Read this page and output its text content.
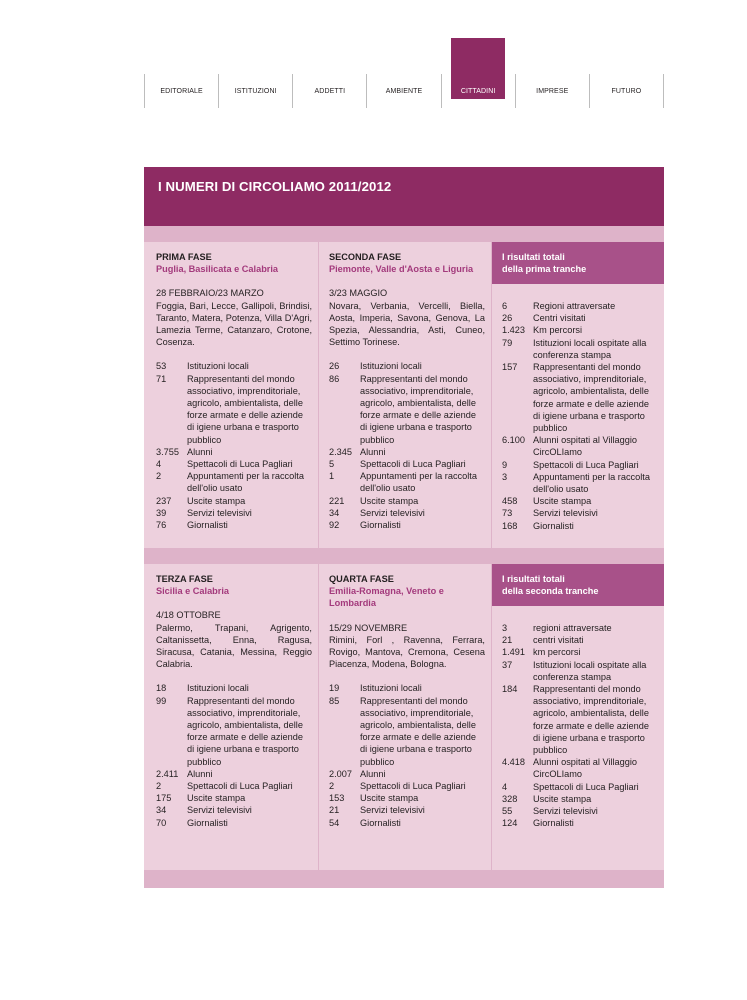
EDITORIALE	ISTITUZIONI	ADDETTI	AMBIENTE	CITTADINI	IMPRESE	FUTURO
I NUMERI DI CIRCOLIAMO 2011/2012
PRIMA FASE
Puglia, Basilicata e Calabria
28 FEBBRAIO/23 MARZO
Foggia, Bari, Lecce, Gallipoli, Brindisi, Taranto, Matera, Potenza, Villa D'Agri, Lamezia Terme, Catanzaro, Crotone, Cosenza.
53	Istituzioni locali
71	Rappresentanti del mondo associativo, imprenditoriale, agricolo, ambientalista, delle forze armate e delle aziende di igiene urbana e trasporto pubblico
3.755 Alunni
4	Spettacoli di Luca Pagliari
2	Appuntamenti per la raccolta dell'olio usato
237	Uscite stampa
39	Servizi televisivi
76	Giornalisti
SECONDA FASE
Piemonte, Valle d'Aosta e Liguria
3/23 MAGGIO
Novara, Verbania, Vercelli, Biella, Aosta, Imperia, Savona, Genova, La Spezia, Alessandria, Asti, Cuneo, Settimo Torinese.
26	Istituzioni locali
86	Rappresentanti del mondo associativo, imprenditoriale, agricolo, ambientalista, delle forze armate e delle aziende di igiene urbana e trasporto pubblico
2.345 Alunni
5	Spettacoli di Luca Pagliari
1	Appuntamenti per la raccolta dell'olio usato
221	Uscite stampa
34	Servizi televisivi
92	Giornalisti
TERZA FASE
Sicilia e Calabria
4/18 OTTOBRE
Palermo, Trapani, Agrigento, Caltanissetta, Enna, Ragusa, Siracusa, Catania, Messina, Reggio Calabria.
18	Istituzioni locali
99	Rappresentanti del mondo associativo, imprenditoriale, agricolo, ambientalista, delle forze armate e delle aziende di igiene urbana e trasporto pubblico
2.411 Alunni
2	Spettacoli di Luca Pagliari
175	Uscite stampa
34	Servizi televisivi
70	Giornalisti
QUARTA FASE
Emilia-Romagna, Veneto e Lombardia
15/29 NOVEMBRE
Rimini, Forl , Ravenna, Ferrara, Rovigo, Mantova, Cremona, Cesena Piacenza, Modena, Bologna.
19	Istituzioni locali
85	Rappresentanti del mondo associativo, imprenditoriale, agricolo, ambientalista, delle forze armate e delle aziende di igiene urbana e trasporto pubblico
2.007 Alunni
2	Spettacoli di Luca Pagliari
153	Uscite stampa
21	Servizi televisivi
54	Giornalisti
I risultati totali
della prima tranche
6	Regioni attraversate
26	Centri visitati
1.423 Km percorsi
79	Istituzioni locali ospitate alla conferenza stampa
157	Rappresentanti del mondo associativo, imprenditoriale, agricolo, ambientalista, delle forze armate e delle aziende di igiene urbana e trasporto pubblico
6.100 Alunni ospitati al Villaggio CircOLIamo
9	Spettacoli di Luca Pagliari
3	Appuntamenti per la raccolta dell'olio usato
458	Uscite stampa
73	Servizi televisivi
168	Giornalisti
I risultati totali
della seconda tranche
3	regioni attraversate
21	centri visitati
1.491 km percorsi
37	Istituzioni locali ospitate alla conferenza stampa
184	Rappresentanti del mondo associativo, imprenditoriale, agricolo, ambientalista, delle forze armate e delle aziende di igiene urbana e trasporto pubblico
4.418 Alunni ospitati al Villaggio CircOLIamo
4	Spettacoli di Luca Pagliari
328	Uscite stampa
55	Servizi televisivi
124	Giornalisti
